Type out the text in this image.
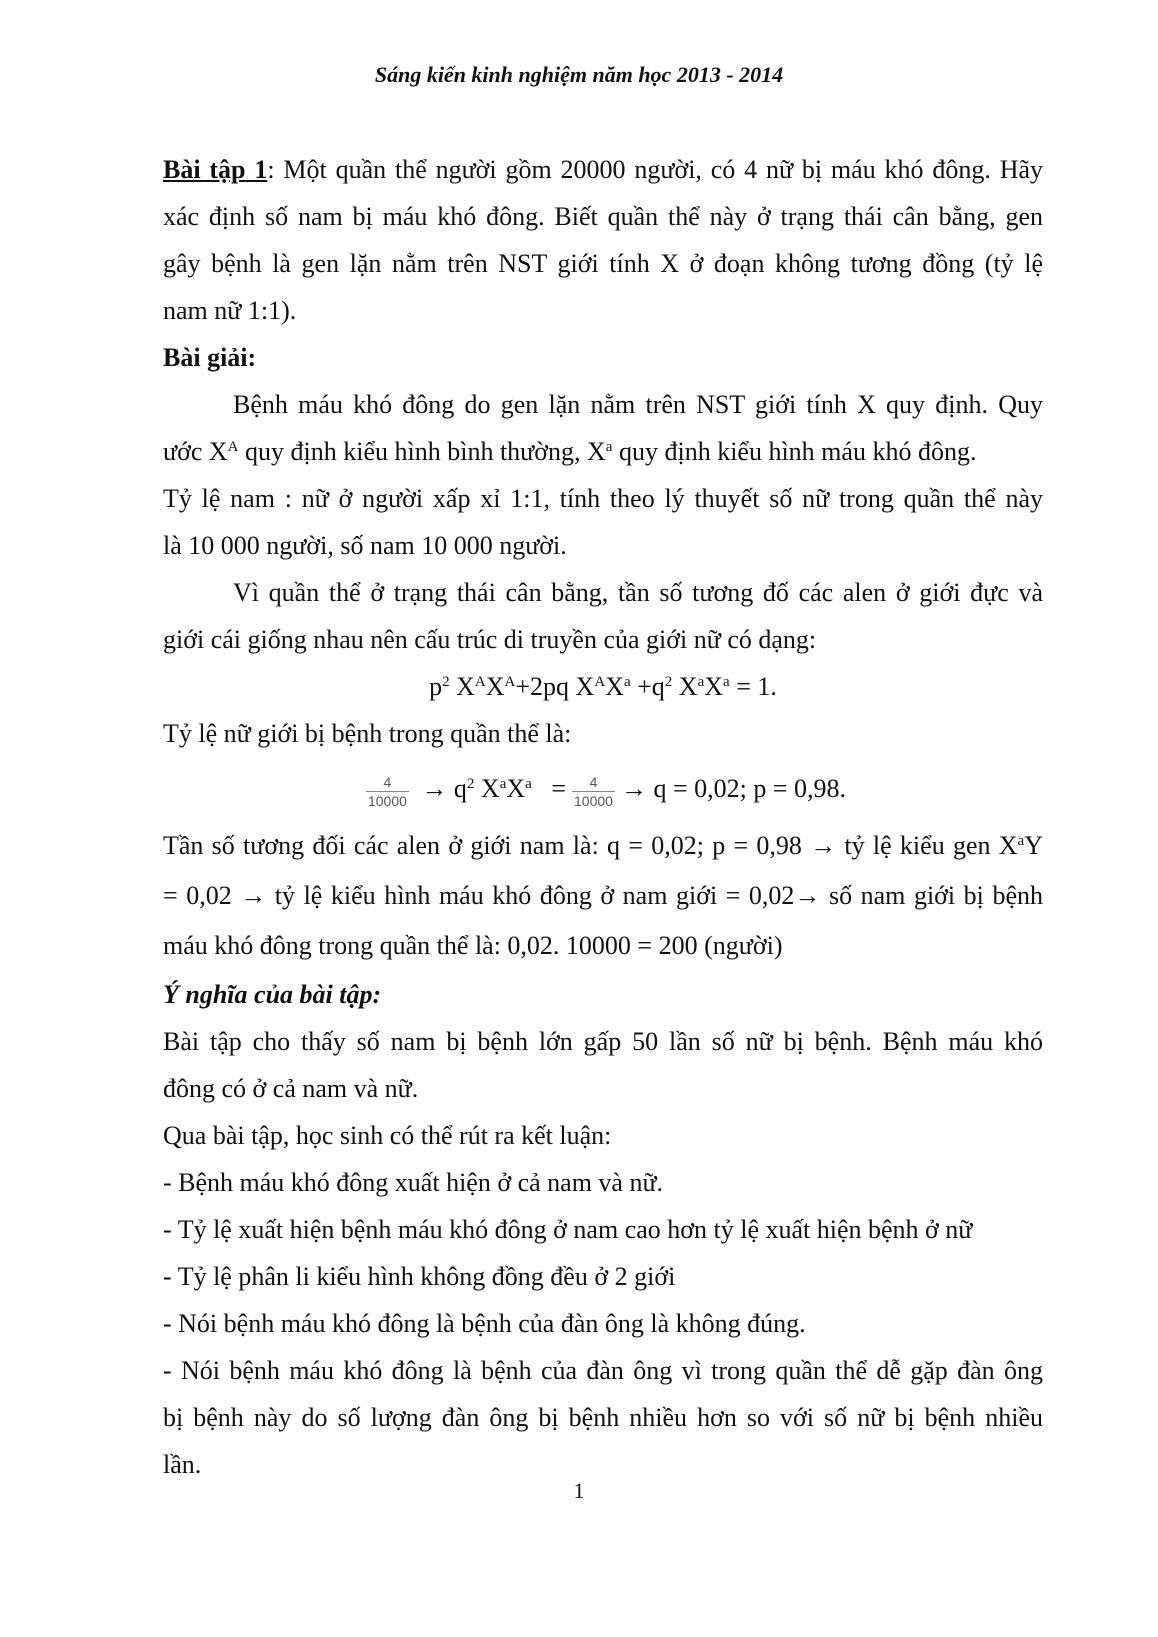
Sáng kiến kinh nghiệm năm học 2013 - 2014

Bài tập 1: Một quần thể người gồm 20000 người, có 4 nữ bị máu khó đông. Hãy

xác định số nam bị máu khó đông. Biết quần thể này ở trạng thái cân bằng, gen

gây bệnh là gen lặn nằm trên NST giới tính X ở đoạn không tương đồng (tỷ lệ

nam nữ 1:1).

Bài giải:

Bệnh máu khó đông do gen lặn nằm trên NST giới tính X quy định. Quy

ước $X^A$ quy định kiểu hình bình thường, $X^a$ quy định kiểu hình máu khó đông.

Tỷ lệ nam : nữ ở người xấp xỉ 1:1, tính theo lý thuyết số nữ trong quần thể này

là 10 000 người, số nam 10 000 người.

Vì quần thể ở trạng thái cân bằng, tần số tương đố các alen ở giới đực và

giới cái giống nhau nên cấu trúc di truyền của giới nữ có dạng:

$p^2$ $X^AX^A+2pq$ $X^AX^a +q^2$ $X^aX^a = 1$.

Tỷ lệ nữ giới bị bệnh trong quần thể là:

$\frac{4}{10000} \to q^2$ $X^aX^a = \frac{4}{10000} \to q = 0,02$; p = 0,98.

Tần số tương đối các alen ở giới nam là: q = 0,02; p = 0,98 → tỷ lệ kiểu gen $X^aY$

= 0,02 → tỷ lệ kiểu hình máu khó đông ở nam giới = 0,02→ số nam giới bị bệnh

máu khó đông trong quần thể là: 0,02. 10000 = 200 (người)

Ý nghĩa của bài tập:

Bài tập cho thấy số nam bị bệnh lớn gấp 50 lần số nữ bị bệnh. Bệnh máu khó

đông có ở cả nam và nữ.

Qua bài tập, học sinh có thể rút ra kết luận:

- Bệnh máu khó đông xuất hiện ở cả nam và nữ.

- Tỷ lệ xuất hiện bệnh máu khó đông ở nam cao hơn tỷ lệ xuất hiện bệnh ở nữ

- Tỷ lệ phân li kiểu hình không đồng đều ở 2 giới

- Nói bệnh máu khó đông là bệnh của đàn ông là không đúng.

- Nói bệnh máu khó đông là bệnh của đàn ông vì trong quần thể dễ gặp đàn ông

bị bệnh này do số lượng đàn ông bị bệnh nhiều hơn so với số nữ bị bệnh nhiều

lần.

1
